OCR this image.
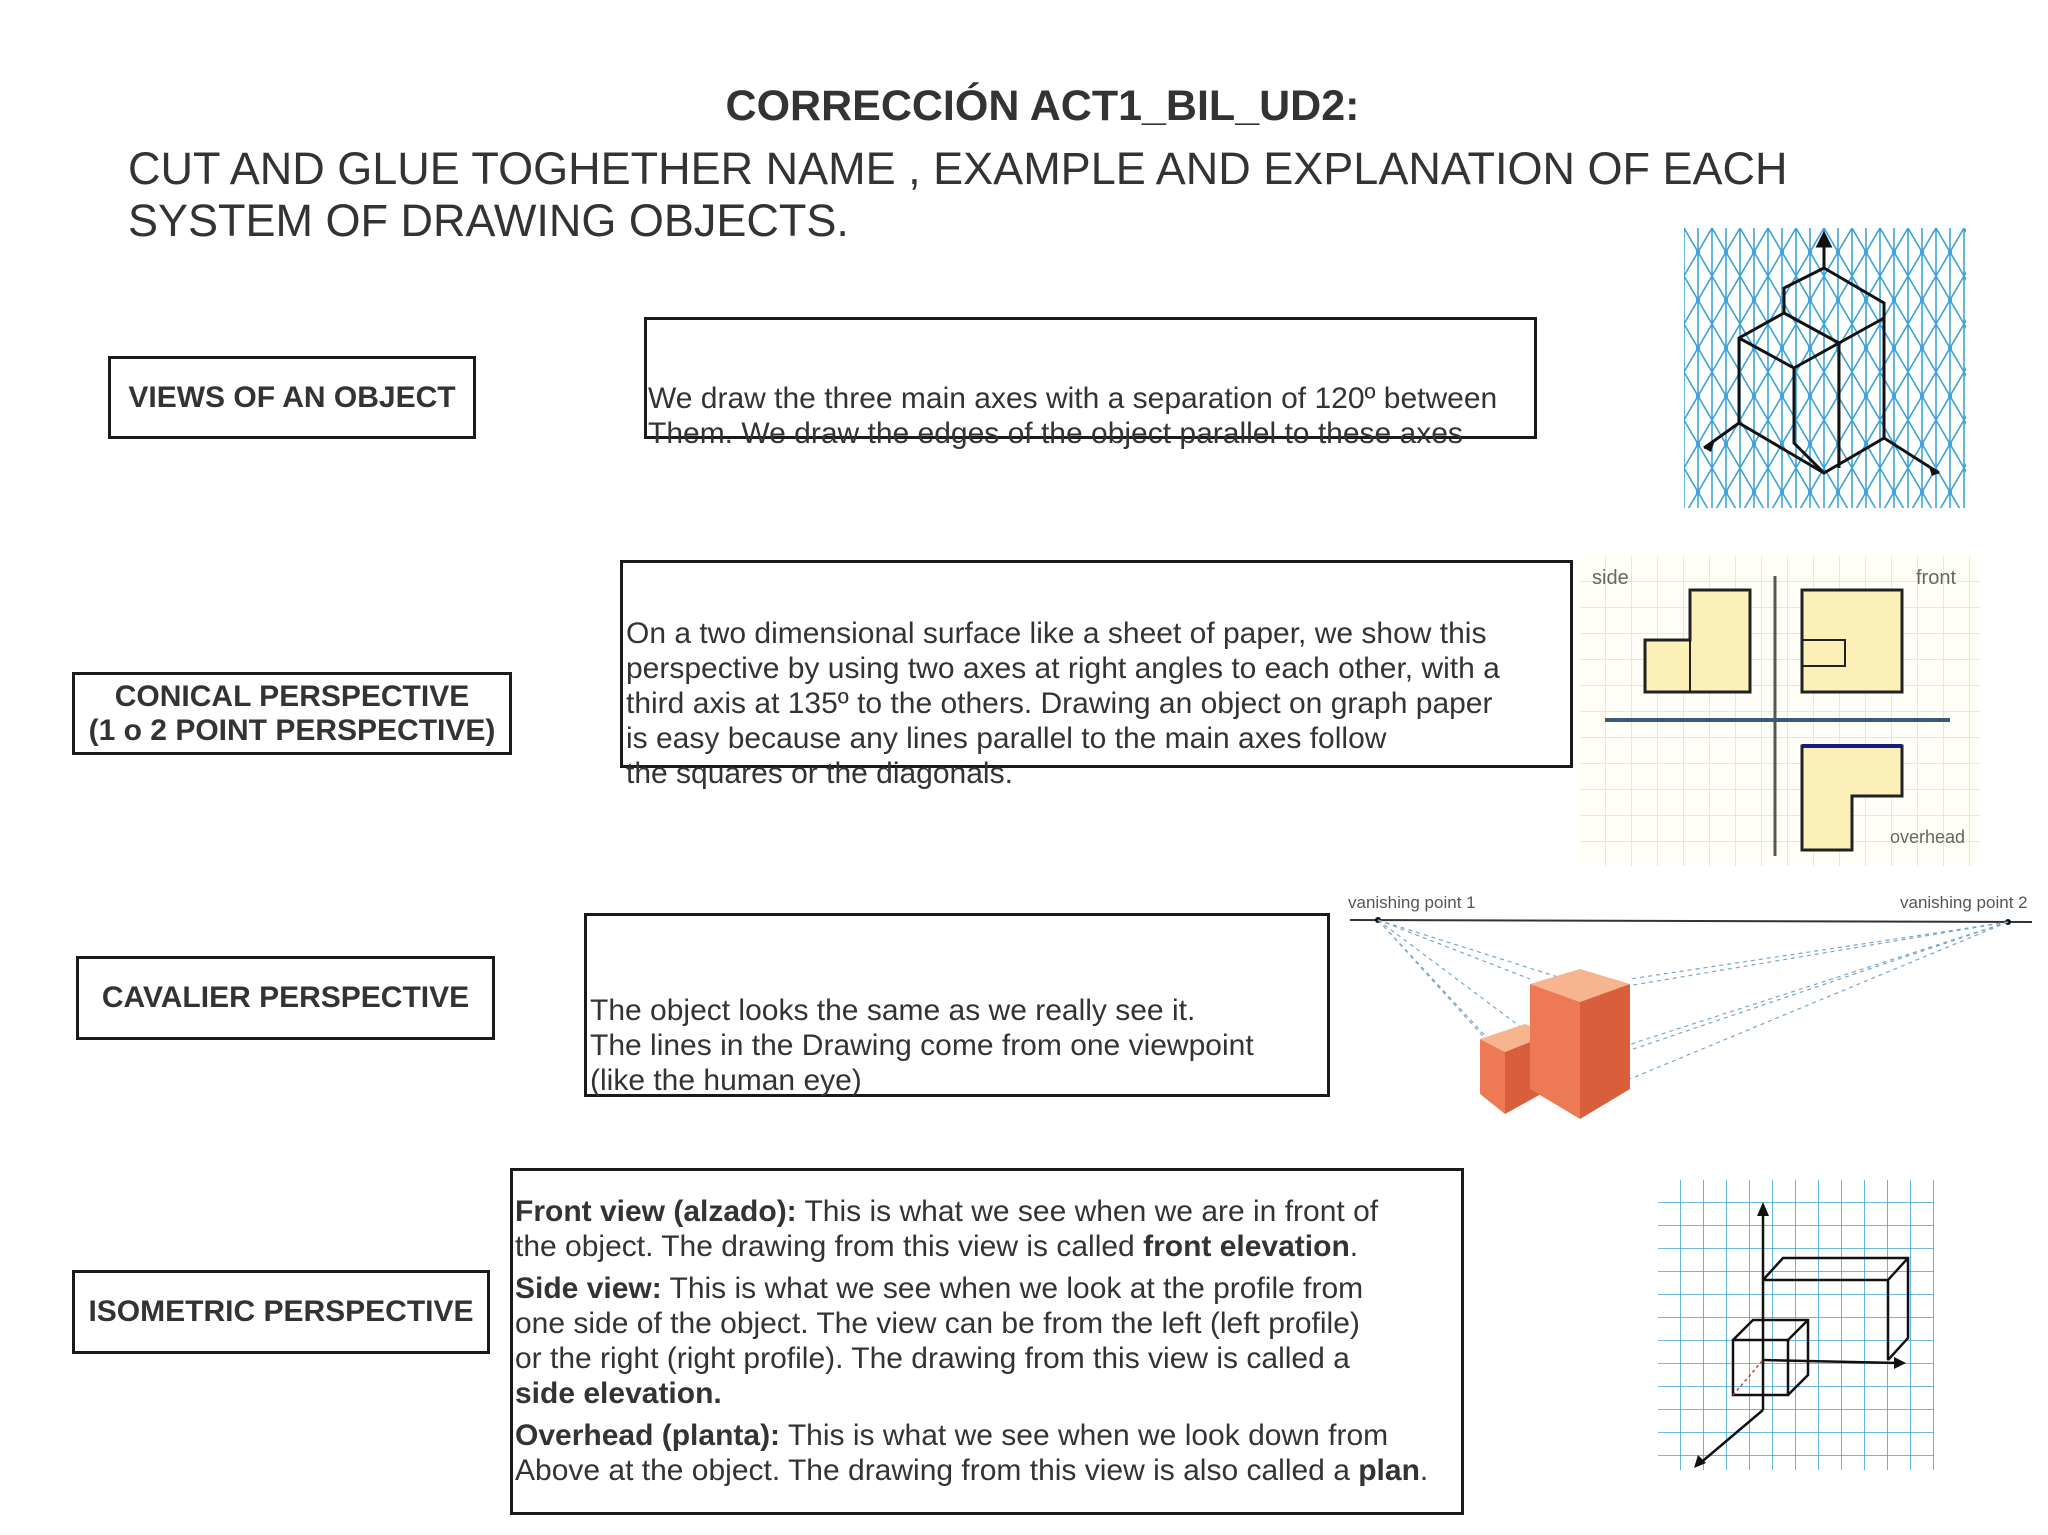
CORRECCIÓN ACT1_BIL_UD2:
CUT AND GLUE TOGHETHER NAME , EXAMPLE AND EXPLANATION OF EACH SYSTEM OF DRAWING OBJECTS.
VIEWS OF AN OBJECT
CONICAL PERSPECTIVE
(1 o 2 POINT PERSPECTIVE)
CAVALIER PERSPECTIVE
ISOMETRIC PERSPECTIVE

We draw the three main axes with a separation of 120º between
Them. We draw the edges of the object parallel to these axes

On a two dimensional surface like a sheet of paper, we show this
perspective by using two axes at right angles to each other, with a
third axis at 135º to the others. Drawing an object on graph paper
is easy because any lines parallel to the main axes follow
the squares or the diagonals.

The object looks the same as we really see it.
The lines in the Drawing come from one viewpoint
(like the human eye)

Front view (alzado): This is what we see when we are in front of
the object. The drawing from this view is called front elevation.

Side view: This is what we see when we look at the profile from
one side of the object. The view can be from the left (left profile)
or the right (right profile). The drawing from this view is called a
side elevation.

Overhead (planta): This is what we see when we look down from
Above at the object. The drawing from this view is also called a plan.

side	front
overhead
vanishing point 1	vanishing point 2
